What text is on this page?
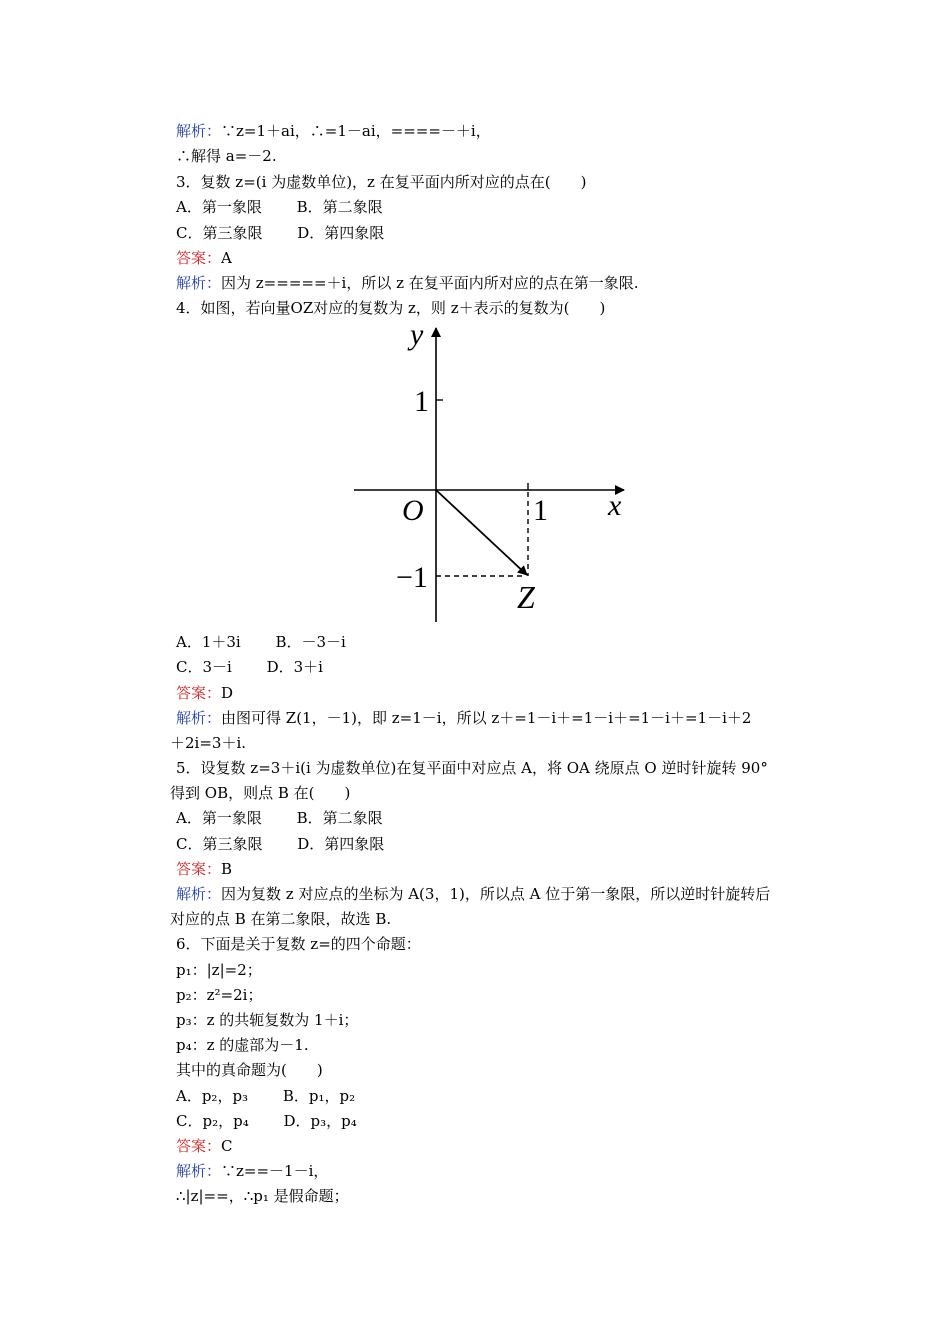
解析：∵z=1＋ai，∴=1－ai，====－＋i，
∴解得 a=－2.
3．复数 z=(i 为虚数单位)，z 在复平面内所对应的点在(　　)
A．第一象限　　 B．第二象限
C．第三象限　　 D．第四象限
答案：A
解析：因为 z=====＋i，所以 z 在复平面内所对应的点在第一象限.
4．如图，若向量OZ对应的复数为 z，则 z＋表示的复数为(　　)
y
x
O	1
1
−1
Z
A．1＋3i　　 B．－3－i
C．3－i　　 D．3＋i
答案：D
解析：由图可得 Z(1，－1)，即 z=1－i，所以 z＋=1－i＋=1－i＋=1－i＋=1－i＋2
＋2i=3＋i.
5．设复数 z=3＋i(i 为虚数单位)在复平面中对应点 A，将 OA 绕原点 O 逆时针旋转 90°
得到 OB，则点 B 在(　　)
A．第一象限　　 B．第二象限
C．第三象限　　 D．第四象限
答案：B
解析：因为复数 z 对应点的坐标为 A(3，1)，所以点 A 位于第一象限，所以逆时针旋转后
对应的点 B 在第二象限，故选 B.
6．下面是关于复数 z=的四个命题：
p₁：|z|=2；
p₂：z²=2i；
p₃：z 的共轭复数为 1＋i；
p₄：z 的虚部为－1.
其中的真命题为(　　)
A．p₂，p₃　　 B．p₁，p₂
C．p₂，p₄　　 D．p₃，p₄
答案：C
解析：∵z==－1－i，
∴|z|==，∴p₁ 是假命题；
